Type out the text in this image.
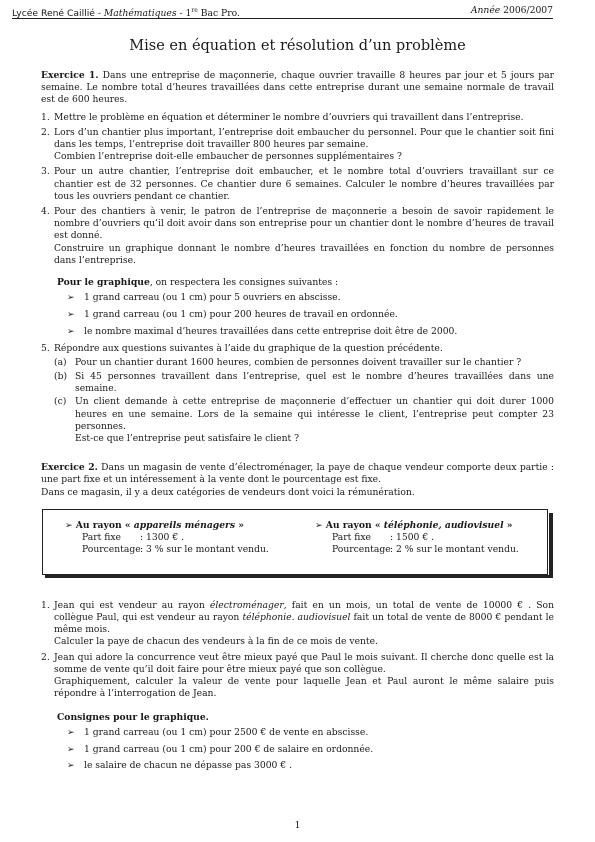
Lycée René Caillié - Mathématiques - 1re Bac Pro.	Année 2006/2007
Mise en équation et résolution d’un problème

Exercice 1. Dans une entreprise de maçonnerie, chaque ouvrier travaille 8 heures par jour et 5 jours par semaine. Le nombre total d’heures travaillées dans cette entreprise durant une semaine normale de travail est de 600 heures.

1. Mettre le problème en équation et déterminer le nombre d’ouvriers qui travaillent dans l’entreprise.
2. Lors d’un chantier plus important, l’entreprise doit embaucher du personnel. Pour que le chantier soit fini dans les temps, l’entreprise doit travailler 800 heures par semaine.

Combien l’entreprise doit-elle embaucher de personnes supplémentaires ?

3. Pour un autre chantier, l’entreprise doit embaucher, et le nombre total d’ouvriers travaillant sur ce chantier est de 32 personnes. Ce chantier dure 6 semaines. Calculer le nombre d’heures travaillées par tous les ouvriers pendant ce chantier.
4. Pour des chantiers à venir, le patron de l’entreprise de maçonnerie a besoin de savoir rapidement le nombre d’ouvriers qu’il doit avoir dans son entreprise pour un chantier dont le nombre d’heures de travail est donné.

Construire un graphique donnant le nombre d’heures travaillées en fonction du nombre de personnes dans l’entreprise.

Pour le graphique, on respectera les consignes suivantes :

➢ 1 grand carreau (ou 1 cm) pour 5 ouvriers en abscisse.
➢ 1 grand carreau (ou 1 cm) pour 200 heures de travail en ordonnée.
➢ le nombre maximal d’heures travaillées dans cette entreprise doit être de 2000.
5. Répondre aux questions suivantes à l’aide du graphique de la question précédente.
(a) Pour un chantier durant 1600 heures, combien de personnes doivent travailler sur le chantier ?
(b) Si 45 personnes travaillent dans l’entreprise, quel est le nombre d’heures travaillées dans une semaine.
(c) Un client demande à cette entreprise de maçonnerie d’effectuer un chantier qui doit durer 1000 heures en une semaine. Lors de la semaine qui intéresse le client, l’entreprise peut compter 23 personnes.

Est-ce que l’entreprise peut satisfaire le client ?

Exercice 2. Dans un magasin de vente d’électroménager, la paye de chaque vendeur comporte deux partie : une part fixe et un intéressement à la vente dont le pourcentage est fixe.

Dans ce magasin, il y a deux catégories de vendeurs dont voici la rémunération.

➢ Au rayon « appareils ménagers »
Part fixe : 1300 € .
Pourcentage: 3 % sur le montant vendu.
➢ Au rayon « téléphonie, audiovisuel »
Part fixe : 1500 € .
Pourcentage: 2 % sur le montant vendu.
1. Jean qui est vendeur au rayon électroménager, fait en un mois, un total de vente de 10000 € . Son collègue Paul, qui est vendeur au rayon téléphonie. audiovisuel fait un total de vente de 8000 € pendant le même mois.

Calculer la paye de chacun des vendeurs à la fin de ce mois de vente.

2. Jean qui adore la concurrence veut être mieux payé que Paul le mois suivant. Il cherche donc quelle est la somme de vente qu’il doit faire pour être mieux payé que son collègue.

Graphiquement, calculer la valeur de vente pour laquelle Jean et Paul auront le même salaire puis répondre à l’interrogation de Jean.

Consignes pour le graphique.

➢ 1 grand carreau (ou 1 cm) pour 2500 € de vente en abscisse.
➢ 1 grand carreau (ou 1 cm) pour 200 € de salaire en ordonnée.
➢ le salaire de chacun ne dépasse pas 3000 € .
1
